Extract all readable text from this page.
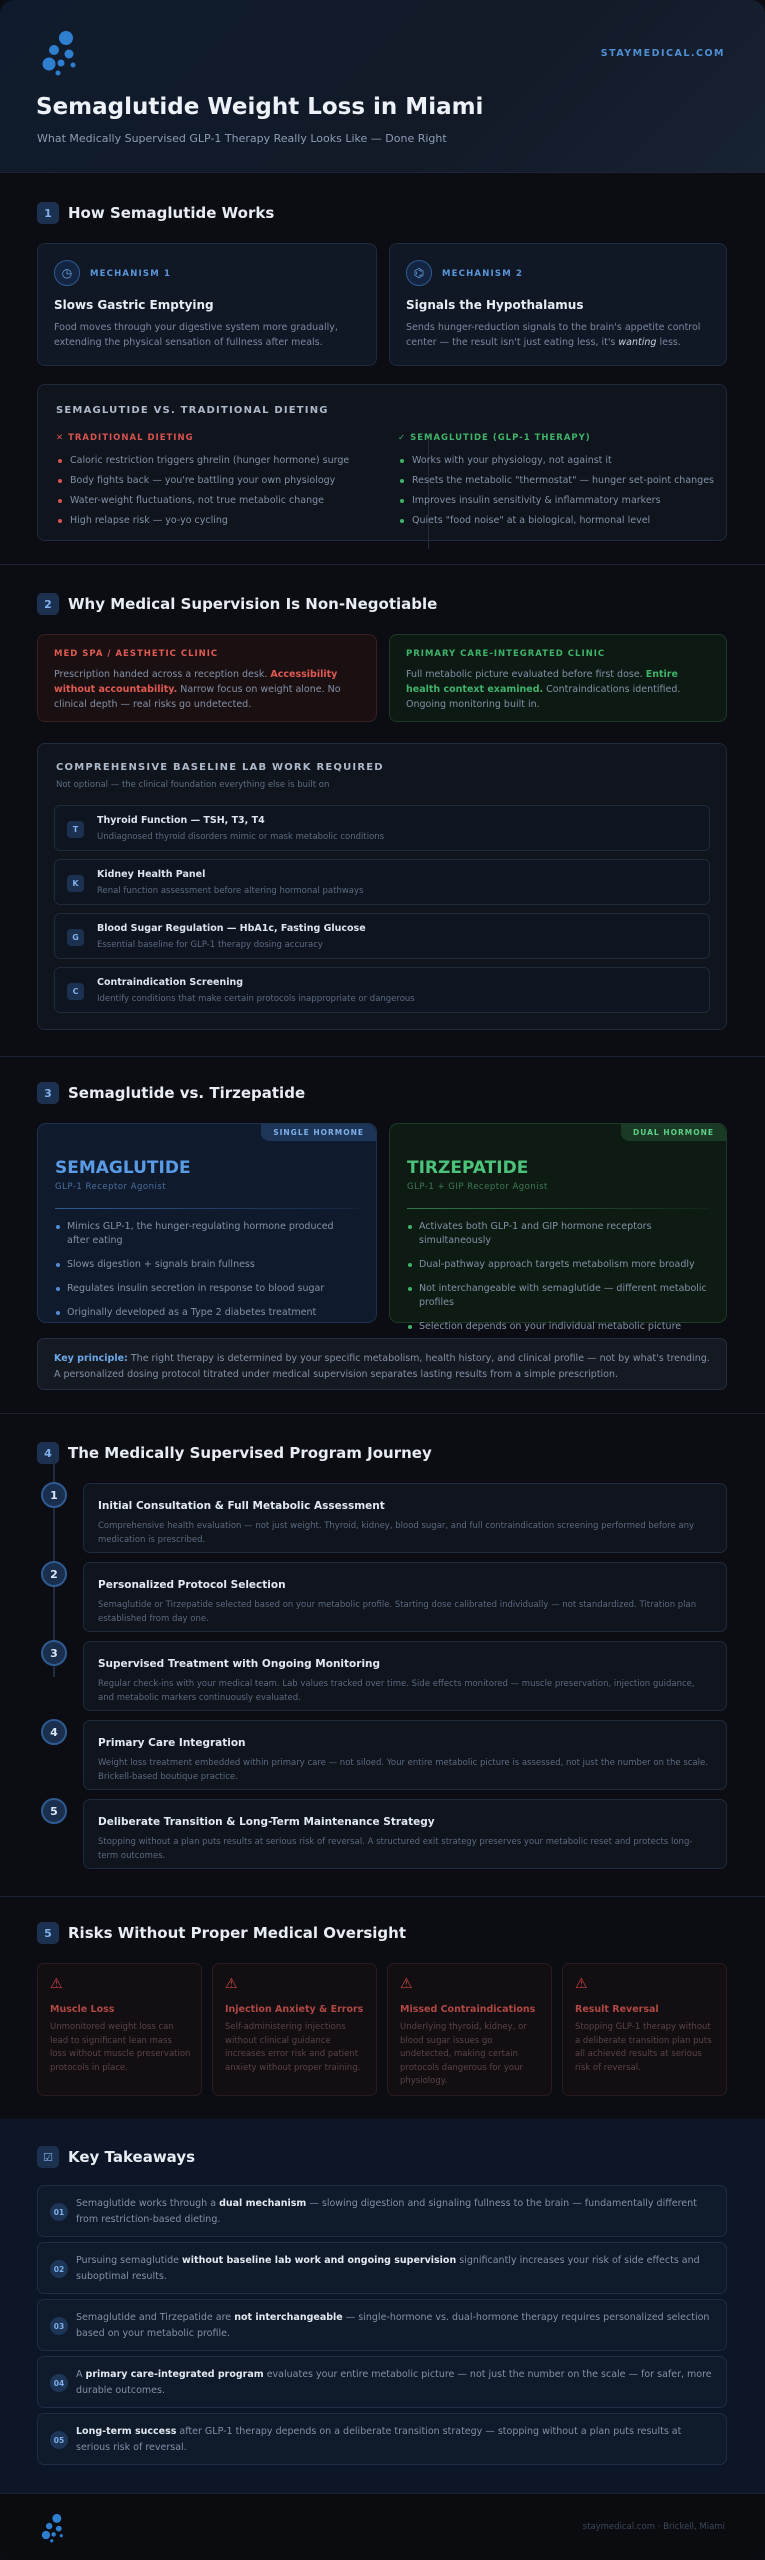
STAYMEDICAL.COM
Semaglutide Weight Loss in Miami
What Medically Supervised GLP-1 Therapy Really Looks Like — Done Right
1	How Semaglutide Works
◷	MECHANISM 1
Slows Gastric Emptying
Food moves through your digestive system more gradually, extending the physical sensation of fullness after meals.
⌬	MECHANISM 2
Signals the Hypothalamus
Sends hunger-reduction signals to the brain's appetite control center — the result isn't just eating less, it's wanting less.
SEMAGLUTIDE VS. TRADITIONAL DIETING
✕ TRADITIONAL DIETING
Caloric restriction triggers ghrelin (hunger hormone) surge
Body fights back — you're battling your own physiology
Water-weight fluctuations, not true metabolic change
High relapse risk — yo-yo cycling
✓ SEMAGLUTIDE (GLP-1 THERAPY)
Works with your physiology, not against it
Resets the metabolic "thermostat" — hunger set-point changes
Improves insulin sensitivity & inflammatory markers
Quiets "food noise" at a biological, hormonal level
2	Why Medical Supervision Is Non-Negotiable
MED SPA / AESTHETIC CLINIC
Prescription handed across a reception desk. Accessibility without accountability. Narrow focus on weight alone. No clinical depth — real risks go undetected.
PRIMARY CARE-INTEGRATED CLINIC
Full metabolic picture evaluated before first dose. Entire health context examined. Contraindications identified. Ongoing monitoring built in.
COMPREHENSIVE BASELINE LAB WORK REQUIRED
Not optional — the clinical foundation everything else is built on
T
Thyroid Function — TSH, T3, T4
Undiagnosed thyroid disorders mimic or mask metabolic conditions
K
Kidney Health Panel
Renal function assessment before altering hormonal pathways
G
Blood Sugar Regulation — HbA1c, Fasting Glucose
Essential baseline for GLP-1 therapy dosing accuracy
C
Contraindication Screening
Identify conditions that make certain protocols inappropriate or dangerous
3	Semaglutide vs. Tirzepatide
SINGLE HORMONE
SEMAGLUTIDE
GLP-1 Receptor Agonist
Mimics GLP-1, the hunger-regulating hormone produced after eating
Slows digestion + signals brain fullness
Regulates insulin secretion in response to blood sugar
Originally developed as a Type 2 diabetes treatment
DUAL HORMONE
TIRZEPATIDE
GLP-1 + GIP Receptor Agonist
Activates both GLP-1 and GIP hormone receptors simultaneously
Dual-pathway approach targets metabolism more broadly
Not interchangeable with semaglutide — different metabolic profiles
Selection depends on your individual metabolic picture
Key principle: The right therapy is determined by your specific metabolism, health history, and clinical profile — not by what's trending. A personalized dosing protocol titrated under medical supervision separates lasting results from a simple prescription.
4	The Medically Supervised Program Journey
1
Initial Consultation & Full Metabolic Assessment
Comprehensive health evaluation — not just weight. Thyroid, kidney, blood sugar, and full contraindication screening performed before any medication is prescribed.
2
Personalized Protocol Selection
Semaglutide or Tirzepatide selected based on your metabolic profile. Starting dose calibrated individually — not standardized. Titration plan established from day one.
3
Supervised Treatment with Ongoing Monitoring
Regular check-ins with your medical team. Lab values tracked over time. Side effects monitored — muscle preservation, injection guidance, and metabolic markers continuously evaluated.
4
Primary Care Integration
Weight loss treatment embedded within primary care — not siloed. Your entire metabolic picture is assessed, not just the number on the scale. Brickell-based boutique practice.
5
Deliberate Transition & Long-Term Maintenance Strategy
Stopping without a plan puts results at serious risk of reversal. A structured exit strategy preserves your metabolic reset and protects long-term outcomes.
5	Risks Without Proper Medical Oversight
⚠
Muscle Loss
Unmonitored weight loss can lead to significant lean mass loss without muscle preservation protocols in place.
⚠
Injection Anxiety & Errors
Self-administering injections without clinical guidance increases error risk and patient anxiety without proper training.
⚠
Missed Contraindications
Underlying thyroid, kidney, or blood sugar issues go undetected, making certain protocols dangerous for your physiology.
⚠
Result Reversal
Stopping GLP-1 therapy without a deliberate transition plan puts all achieved results at serious risk of reversal.
☑	Key Takeaways
01
Semaglutide works through a dual mechanism — slowing digestion and signaling fullness to the brain — fundamentally different from restriction-based dieting.
02
Pursuing semaglutide without baseline lab work and ongoing supervision significantly increases your risk of side effects and suboptimal results.
03
Semaglutide and Tirzepatide are not interchangeable — single-hormone vs. dual-hormone therapy requires personalized selection based on your metabolic profile.
04
A primary care-integrated program evaluates your entire metabolic picture — not just the number on the scale — for safer, more durable outcomes.
05
Long-term success after GLP-1 therapy depends on a deliberate transition strategy — stopping without a plan puts results at serious risk of reversal.
staymedical.com · Brickell, Miami
